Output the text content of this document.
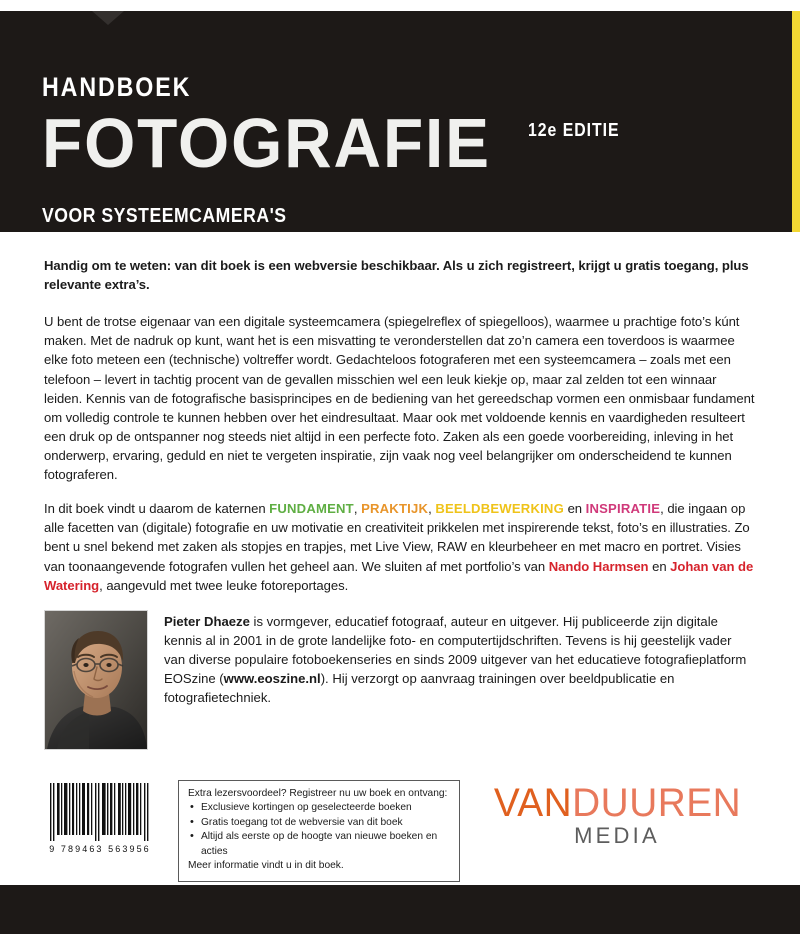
HANDBOEK
FOTOGRAFIE 12e EDITIE
VOOR SYSTEEMCAMERA'S

Handig om te weten: van dit boek is een webversie beschikbaar. Als u zich registreert, krijgt u gratis toegang, plus relevante extra’s.

U bent de trotse eigenaar van een digitale systeemcamera (spiegelreflex of spiegelloos), waarmee u prachtige foto’s kúnt maken. Met de nadruk op kunt, want het is een misvatting te veronderstellen dat zo’n camera een toverdoos is waarmee elke foto meteen een (technische) voltreffer wordt. Gedachteloos fotograferen met een systeemcamera – zoals met een telefoon – levert in tachtig procent van de gevallen misschien wel een leuk kiekje op, maar zal zelden tot een winnaar leiden. Kennis van de fotografische basisprincipes en de bediening van het gereedschap vormen een onmisbaar fundament om volledig controle te kunnen hebben over het eindresultaat. Maar ook met voldoende kennis en vaardigheden resulteert een druk op de ontspanner nog steeds niet altijd in een perfecte foto. Zaken als een goede voorbereiding, inleving in het onderwerp, ervaring, geduld en niet te vergeten inspiratie, zijn vaak nog veel belangrijker om onderscheidend te kunnen fotograferen.

In dit boek vindt u daarom de katernen FUNDAMENT, PRAKTIJK, BEELDBEWERKING en INSPIRATIE, die ingaan op alle facetten van (digitale) fotografie en uw motivatie en creativiteit prikkelen met inspirerende tekst, foto’s en illustraties. Zo bent u snel bekend met zaken als stopjes en trapjes, met Live View, RAW en kleurbeheer en met macro en portret. Visies van toonaangevende fotografen vullen het geheel aan. We sluiten af met portfolio’s van Nando Harmsen en Johan van de Watering, aangevuld met twee leuke fotoreportages.

Pieter Dhaeze is vormgever, educatief fotograaf, auteur en uitgever. Hij publiceerde zijn digitale kennis al in 2001 in de grote landelijke foto- en computertijdschriften. Tevens is hij geestelijk vader van diverse populaire fotoboekenseries en sinds 2009 uitgever van het educatieve fotografieplatform EOSzine (www.eoszine.nl). Hij verzorgt op aanvraag trainingen over beeldpublicatie en fotografietechniek.

9 789463 563956
Extra lezersvoordeel? Registreer nu uw boek en ontvang:
• Exclusieve kortingen op geselecteerde boeken
• Gratis toegang tot de webversie van dit boek
• Altijd als eerste op de hoogte van nieuwe boeken en acties
Meer informatie vindt u in dit boek.
VANDUUREN
MEDIA
